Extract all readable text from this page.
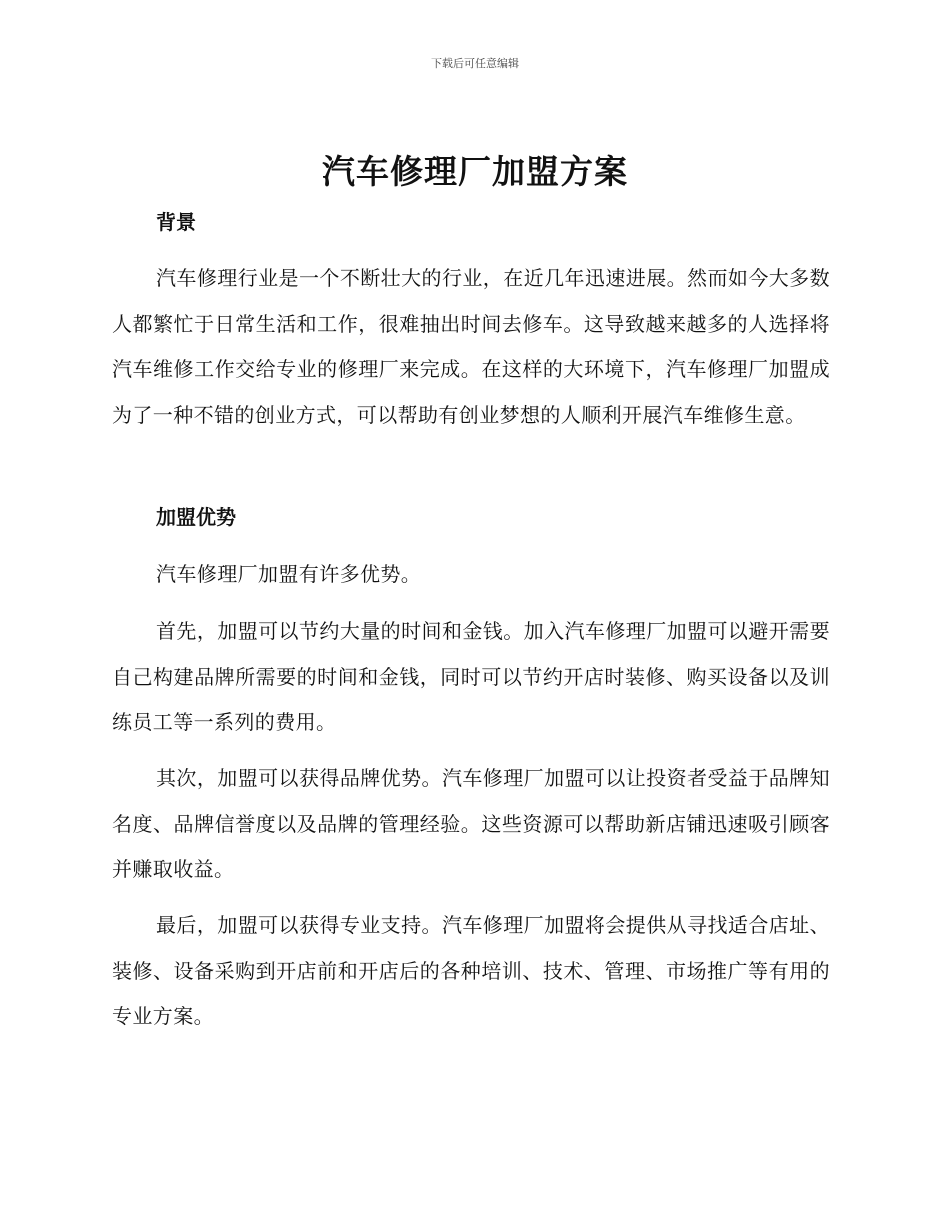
下载后可任意编辑
汽车修理厂加盟方案
背景

汽车修理行业是一个不断壮大的行业，在近几年迅速进展。然而如今大多数人都繁忙于日常生活和工作，很难抽出时间去修车。这导致越来越多的人选择将汽车维修工作交给专业的修理厂来完成。在这样的大环境下，汽车修理厂加盟成为了一种不错的创业方式，可以帮助有创业梦想的人顺利开展汽车维修生意。

加盟优势

汽车修理厂加盟有许多优势。

首先，加盟可以节约大量的时间和金钱。加入汽车修理厂加盟可以避开需要自己构建品牌所需要的时间和金钱，同时可以节约开店时装修、购买设备以及训练员工等一系列的费用。

其次，加盟可以获得品牌优势。汽车修理厂加盟可以让投资者受益于品牌知名度、品牌信誉度以及品牌的管理经验。这些资源可以帮助新店铺迅速吸引顾客并赚取收益。

最后，加盟可以获得专业支持。汽车修理厂加盟将会提供从寻找适合店址、装修、设备采购到开店前和开店后的各种培训、技术、管理、市场推广等有用的专业方案。
